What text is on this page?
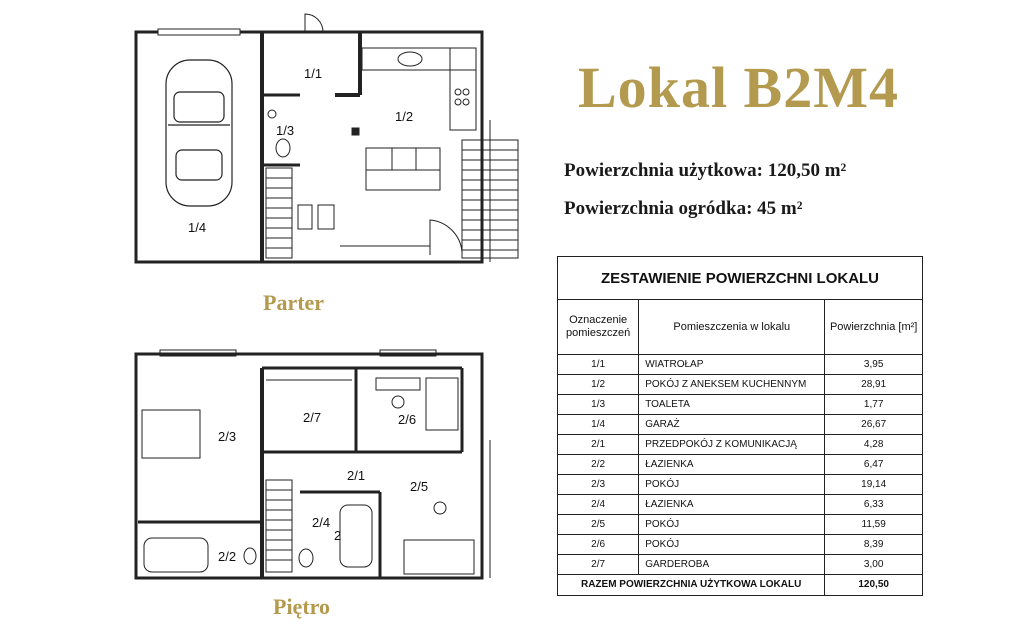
1/1
1/2
1/3
1/4
2/1
2/2
2/3
2/4
2/5
2/6
2/7
2
Parter
Piętro
Lokal B2M4
Powierzchnia użytkowa: 120,50 m²
Powierzchnia ogródka: 45 m²
ZESTAWIENIE POWIERZCHNI LOKALU		
Oznaczenie pomieszczeń	Pomieszczenia w lokalu	Powierzchnia [m²]
1/1	WIATROŁAP	3,95
1/2	POKÓJ Z ANEKSEM KUCHENNYM	28,91
1/3	TOALETA	1,77
1/4	GARAŻ	26,67
2/1	PRZEDPOKÓJ Z KOMUNIKACJĄ	4,28
2/2	ŁAZIENKA	6,47
2/3	POKÓJ	19,14
2/4	ŁAZIENKA	6,33
2/5	POKÓJ	11,59
2/6	POKÓJ	8,39
2/7	GARDEROBA	3,00
RAZEM POWIERZCHNIA UŻYTKOWA LOKALU		120,50
